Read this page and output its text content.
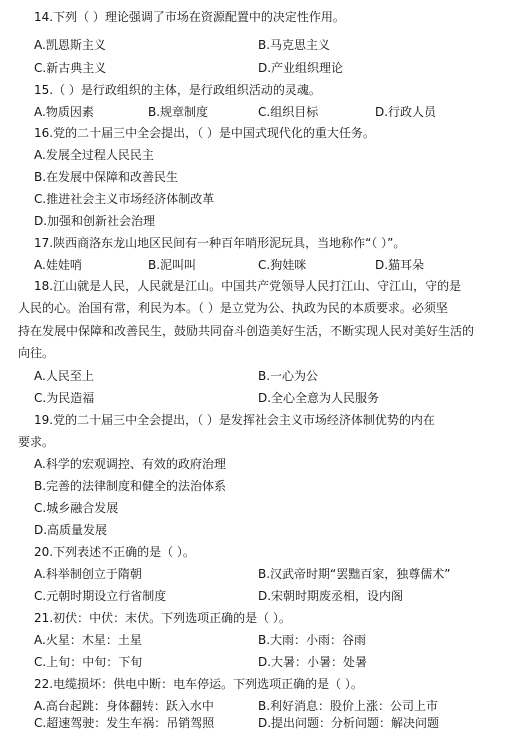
14.下列（ ）理论强调了市场在资源配置中的决定性作用。
A.凯恩斯主义	B.马克思主义
C.新古典主义	D.产业组织理论
15.（ ）是行政组织的主体，是行政组织活动的灵魂。
A.物质因素	B.规章制度	C.组织目标	D.行政人员
16.党的二十届三中全会提出，（ ）是中国式现代化的重大任务。
A.发展全过程人民民主
B.在发展中保障和改善民生
C.推进社会主义市场经济体制改革
D.加强和创新社会治理
17.陕西商洛东龙山地区民间有一种百年哨形泥玩具，当地称作“（ ）”。
A.娃娃哨	B.泥叫叫	C.狗娃咪	D.猫耳朵
18.江山就是人民，人民就是江山。中国共产党领导人民打江山、守江山，守的是
人民的心。治国有常，利民为本。（ ）是立党为公、执政为民的本质要求。必须坚
持在发展中保障和改善民生，鼓励共同奋斗创造美好生活，不断实现人民对美好生活的
向往。
A.人民至上	B.一心为公
C.为民造福	D.全心全意为人民服务
19.党的二十届三中全会提出，（ ）是发挥社会主义市场经济体制优势的内在
要求。
A.科学的宏观调控、有效的政府治理
B.完善的法律制度和健全的法治体系
C.城乡融合发展
D.高质量发展
20.下列表述不正确的是（ ）。
A.科举制创立于隋朝	B.汉武帝时期“罢黜百家，独尊儒术”
C.元朝时期设立行省制度	D.宋朝时期废丞相，设内阁
21.初伏：中伏：末伏。下列选项正确的是（ ）。
A.火星：木星：土星	B.大雨：小雨：谷雨
C.上旬：中旬：下旬	D.大暑：小暑：处暑
22.电缆损坏：供电中断：电车停运。下列选项正确的是（ ）。
A.高台起跳：身体翻转：跃入水中	B.利好消息：股价上涨：公司上市
C.超速驾驶：发生车祸：吊销驾照	D.提出问题：分析问题：解决问题
